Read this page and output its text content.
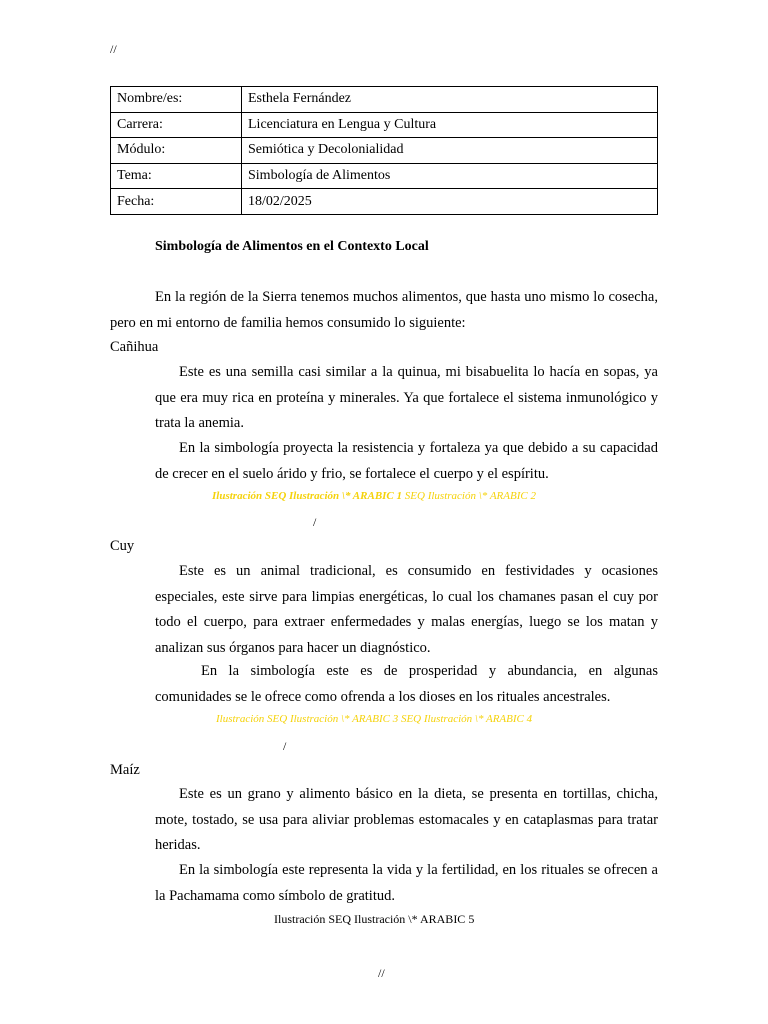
//
Nombre/es:	Esthela Fernández
Carrera:	Licenciatura en Lengua y Cultura
Módulo:	Semiótica y Decolonialidad
Tema:	Simbología de Alimentos
Fecha:	18/02/2025
Simbología de Alimentos en el Contexto Local

En la región de la Sierra tenemos muchos alimentos, que hasta uno mismo lo cosecha, pero en mi entorno de familia hemos consumido lo siguiente:

Cañihua

Este es una semilla casi similar a la quinua, mi bisabuelita lo hacía en sopas, ya que era muy rica en proteína y minerales. Ya que fortalece el sistema inmunológico y trata la anemia.

En la simbología proyecta la resistencia y fortaleza ya que debido a su capacidad de crecer en el suelo árido y frio, se fortalece el cuerpo y el espíritu.

Ilustración SEQ Ilustración \* ARABIC 1 SEQ Ilustración \* ARABIC 2
/
Cuy

Este es un animal tradicional, es consumido en festividades y ocasiones especiales, este sirve para limpias energéticas, lo cual los chamanes pasan el cuy por todo el cuerpo, para extraer enfermedades y malas energías, luego se los matan y analizan sus órganos para hacer un diagnóstico.

En la simbología este es de prosperidad y abundancia, en algunas comunidades se le ofrece como ofrenda a los dioses en los rituales ancestrales.

Ilustración SEQ Ilustración \* ARABIC 3 SEQ Ilustración \* ARABIC 4
/
Maíz

Este es un grano y alimento básico en la dieta, se presenta en tortillas, chicha, mote, tostado, se usa para aliviar problemas estomacales y en cataplasmas para tratar heridas.

En la simbología este representa la vida y la fertilidad, en los rituales se ofrecen a la Pachamama como símbolo de gratitud.

Ilustración SEQ Ilustración \* ARABIC 5
//
